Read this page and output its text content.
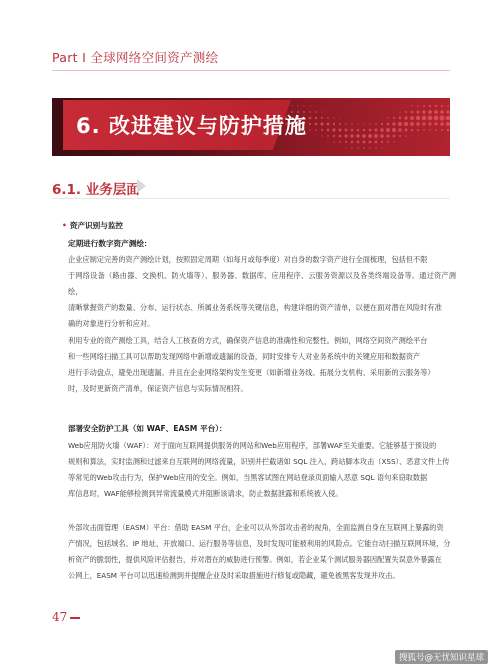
Part Ⅰ 全球网络空间资产测绘
6. 改进建议与防护措施
6.1. 业务层面
• 资产识别与监控
定期进行数字资产测绘：
企业应制定完善的资产测绘计划，按照固定周期（如每月或每季度）对自身的数字资产进行全面梳理，包括但不限
于网络设备（路由器、交换机、防火墙等）、服务器、数据库、应用程序、云服务资源以及各类终端设备等。通过资产测绘，
清晰掌握资产的数量、分布、运行状态、所属业务系统等关键信息，构建详细的资产清单，以便在面对潜在风险时有准
确的对象进行分析和应对。
利用专业的资产测绘工具，结合人工核查的方式，确保资产信息的准确性和完整性。例如，网络空间资产测绘平台
和一些网络扫描工具可以帮助发现网络中新增或遗漏的设备，同时安排专人对业务系统中的关键应用和数据资产
进行手动盘点，避免出现遗漏。并且在企业网络架构发生变更（如新增业务线、拓展分支机构、采用新的云服务等）
时，及时更新资产清单，保证资产信息与实际情况相符。
部署安全防护工具（如 WAF、EASM 平台）：
Web应用防火墙（WAF）：对于面向互联网提供服务的网站和Web应用程序，部署WAF至关重要。它能够基于预设的
规则和算法，实时监测和过滤来自互联网的网络流量，识别并拦截诸如 SQL 注入、跨站脚本攻击（XSS）、恶意文件上传
等常见的Web攻击行为，保护Web应用的安全。例如，当黑客试图在网站登录页面输入恶意 SQL 语句来窃取数据
库信息时，WAF能够检测到异常流量模式并阻断该请求，防止数据泄露和系统被入侵。
外部攻击面管理（EASM）平台：借助 EASM 平台，企业可以从外部攻击者的视角，全面监测自身在互联网上暴露的资
产情况，包括域名、IP 地址、开放端口、运行服务等信息，及时发现可能被利用的风险点。它能自动扫描互联网环境，分
析资产的脆弱性，提供风险评估报告，并对潜在的威胁进行预警。例如，若企业某个测试服务器因配置失误意外暴露在
公网上，EASM 平台可以迅速检测到并提醒企业及时采取措施进行修复或隐藏，避免被黑客发现并攻击。
47
搜狐号@无忧知识星球
